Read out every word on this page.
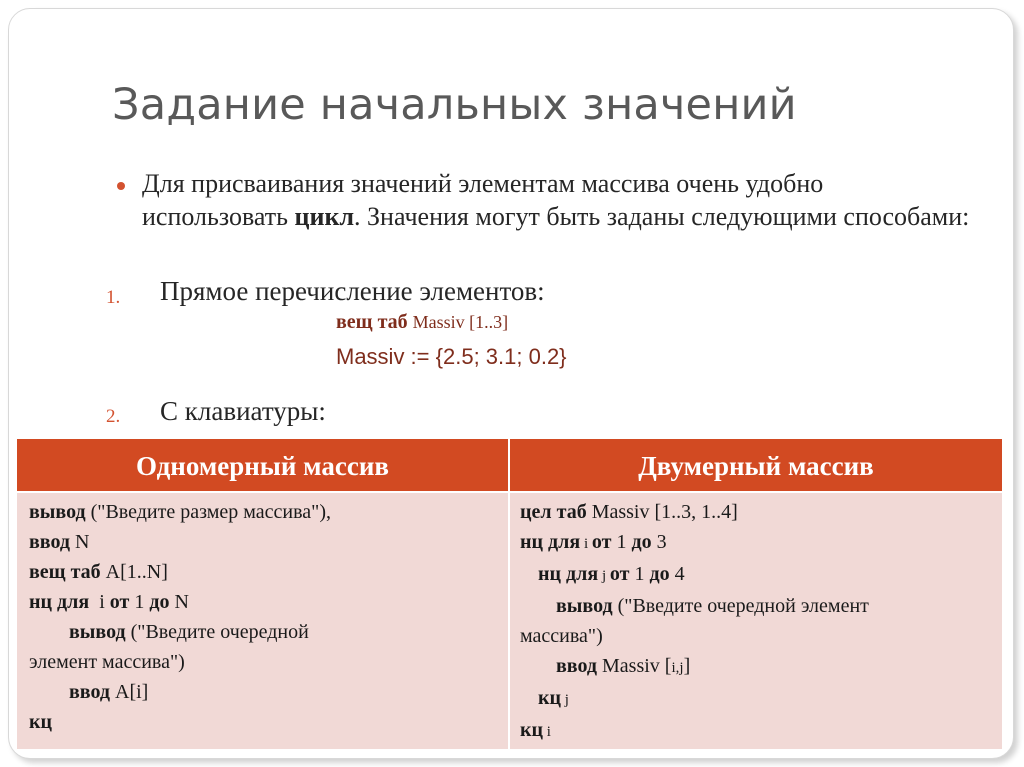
Задание начальных значений
Для присваивания значений элементам массива очень удобно использовать цикл. Значения могут быть заданы следующими способами:
1. Прямое перечисление элементов:
вещ таб Massiv [1..3]
Massiv := {2.5; 3.1; 0.2}
2. С клавиатуры:
Одномерный массив	Двумерный массив
вывод ("Введите размер массива"),
ввод N
вещ таб A[1..N]
нц для  i от 1 до N
вывод ("Введите очередной
элемент массива")
ввод A[i]
кц
цел таб Massiv [1..3, 1..4]
нц для i от 1 до 3
нц для j от 1 до 4
вывод ("Введите очередной элемент
массива")
ввод Massiv [i,j]
кц j
кц i
